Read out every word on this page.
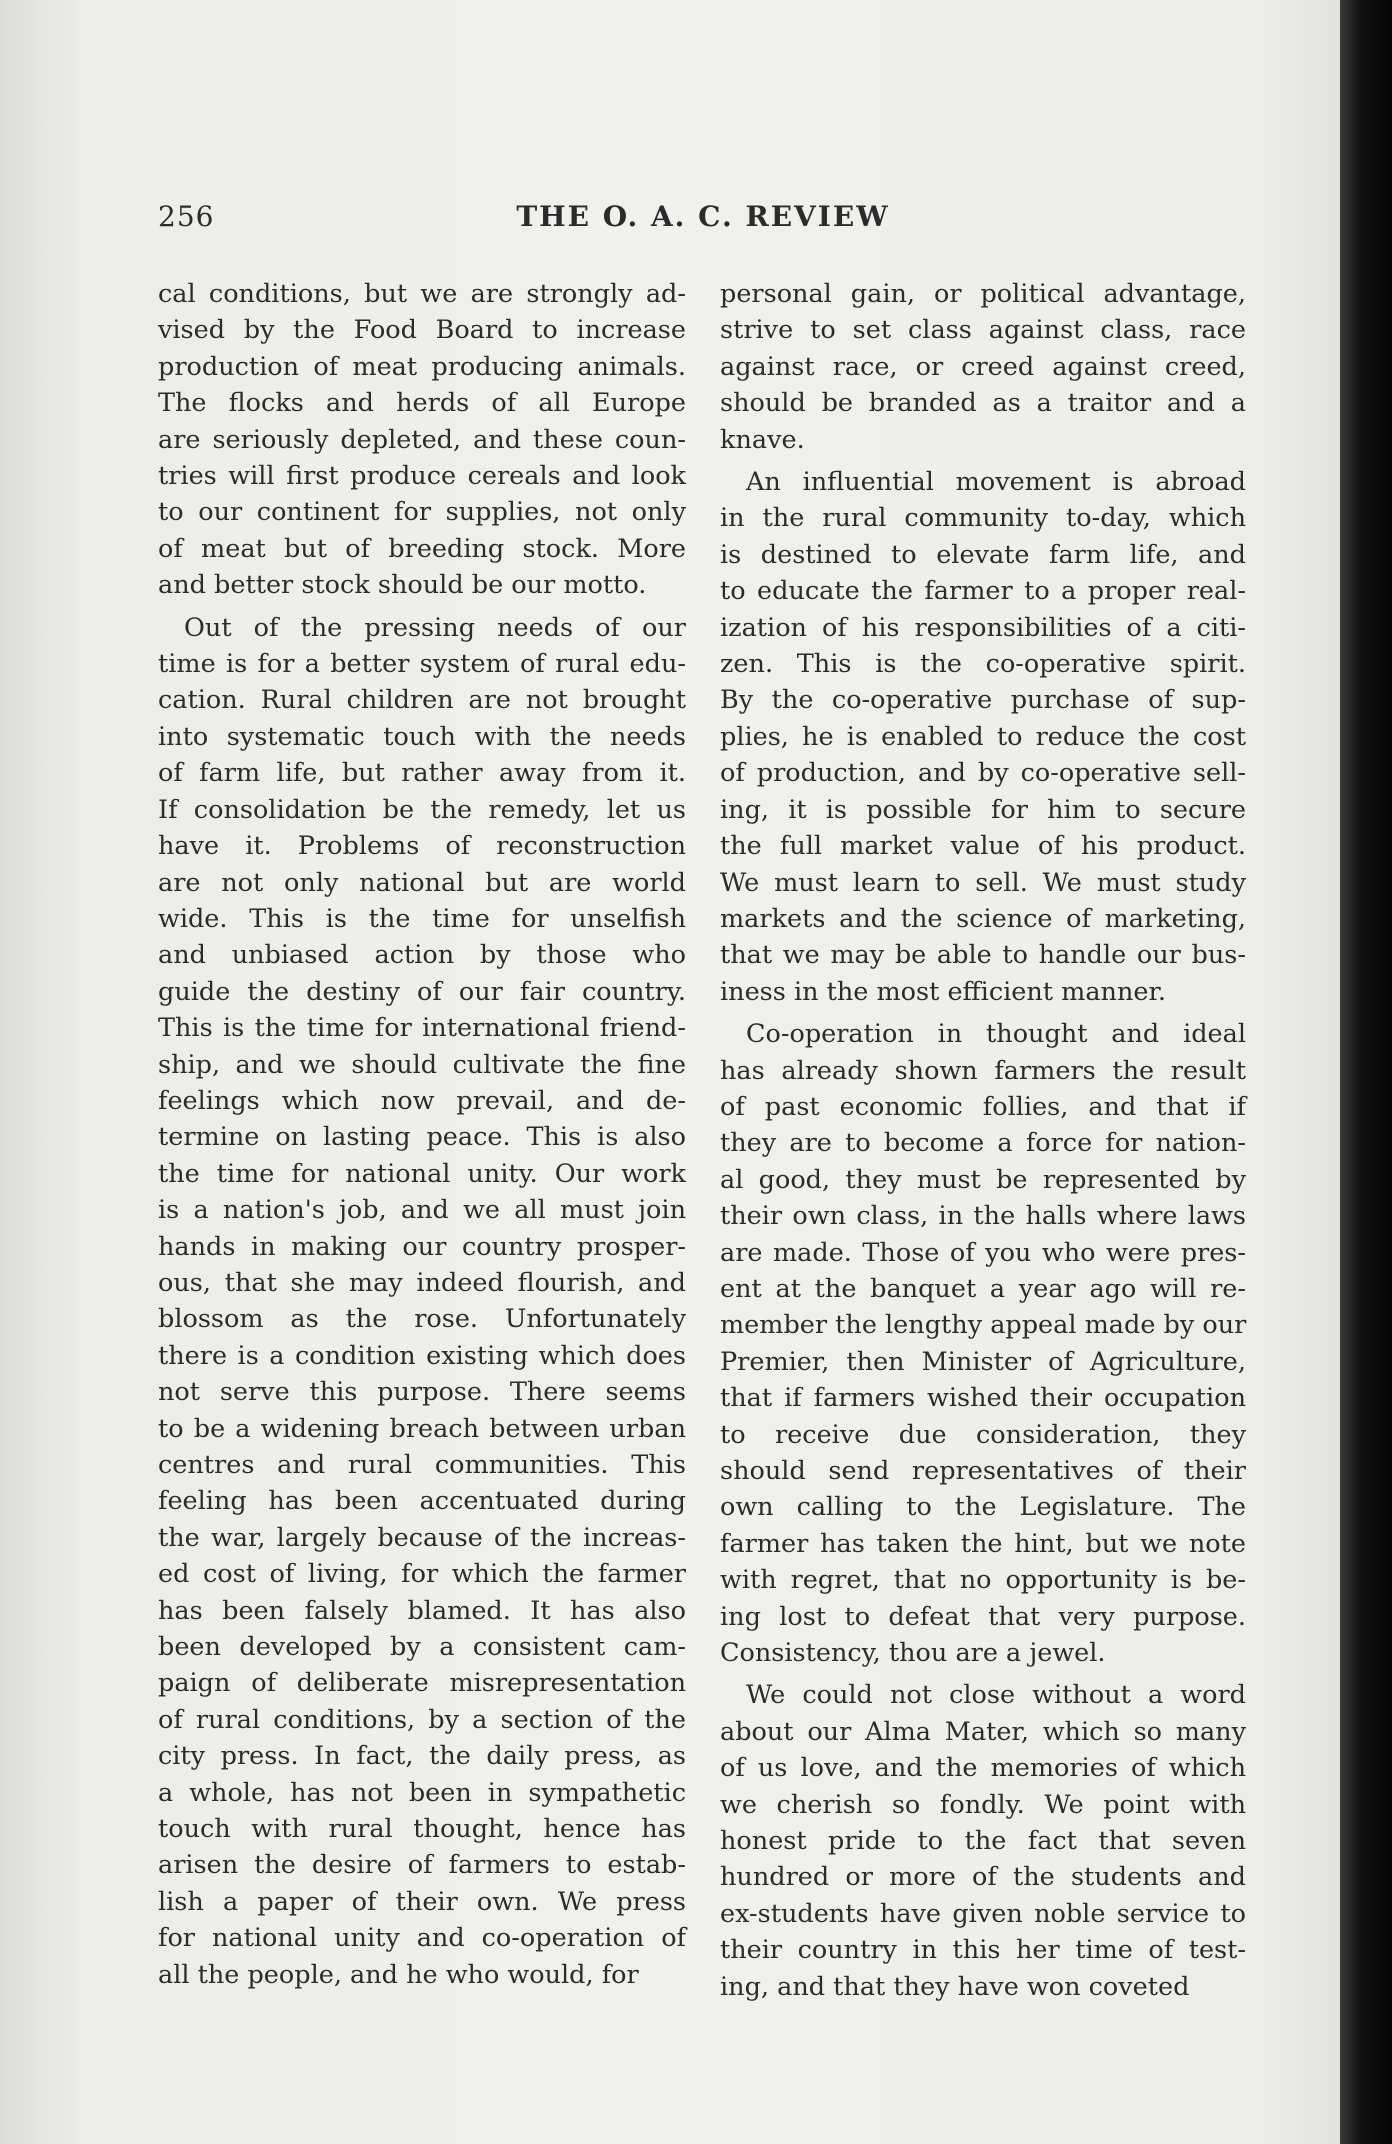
256	THE O. A. C. REVIEW
cal conditions, but we are strongly ad-
vised by the Food Board to increase
production of meat producing animals.
The flocks and herds of all Europe
are seriously depleted, and these coun-
tries will first produce cereals and look
to our continent for supplies, not only
of meat but of breeding stock. More
and better stock should be our motto.
Out of the pressing needs of our
time is for a better system of rural edu-
cation. Rural children are not brought
into systematic touch with the needs
of farm life, but rather away from it.
If consolidation be the remedy, let us
have it. Problems of reconstruction
are not only national but are world
wide. This is the time for unselfish
and unbiased action by those who
guide the destiny of our fair country.
This is the time for international friend-
ship, and we should cultivate the fine
feelings which now prevail, and de-
termine on lasting peace. This is also
the time for national unity. Our work
is a nation's job, and we all must join
hands in making our country prosper-
ous, that she may indeed flourish, and
blossom as the rose. Unfortunately
there is a condition existing which does
not serve this purpose. There seems
to be a widening breach between urban
centres and rural communities. This
feeling has been accentuated during
the war, largely because of the increas-
ed cost of living, for which the farmer
has been falsely blamed. It has also
been developed by a consistent cam-
paign of deliberate misrepresentation
of rural conditions, by a section of the
city press. In fact, the daily press, as
a whole, has not been in sympathetic
touch with rural thought, hence has
arisen the desire of farmers to estab-
lish a paper of their own. We press
for national unity and co-operation of
all the people, and he who would, for
personal gain, or political advantage,
strive to set class against class, race
against race, or creed against creed,
should be branded as a traitor and a
knave.
An influential movement is abroad
in the rural community to-day, which
is destined to elevate farm life, and
to educate the farmer to a proper real-
ization of his responsibilities of a citi-
zen. This is the co-operative spirit.
By the co-operative purchase of sup-
plies, he is enabled to reduce the cost
of production, and by co-operative sell-
ing, it is possible for him to secure
the full market value of his product.
We must learn to sell. We must study
markets and the science of marketing,
that we may be able to handle our bus-
iness in the most efficient manner.
Co-operation in thought and ideal
has already shown farmers the result
of past economic follies, and that if
they are to become a force for nation-
al good, they must be represented by
their own class, in the halls where laws
are made. Those of you who were pres-
ent at the banquet a year ago will re-
member the lengthy appeal made by our
Premier, then Minister of Agriculture,
that if farmers wished their occupation
to receive due consideration, they
should send representatives of their
own calling to the Legislature. The
farmer has taken the hint, but we note
with regret, that no opportunity is be-
ing lost to defeat that very purpose.
Consistency, thou are a jewel.
We could not close without a word
about our Alma Mater, which so many
of us love, and the memories of which
we cherish so fondly. We point with
honest pride to the fact that seven
hundred or more of the students and
ex-students have given noble service to
their country in this her time of test-
ing, and that they have won coveted
